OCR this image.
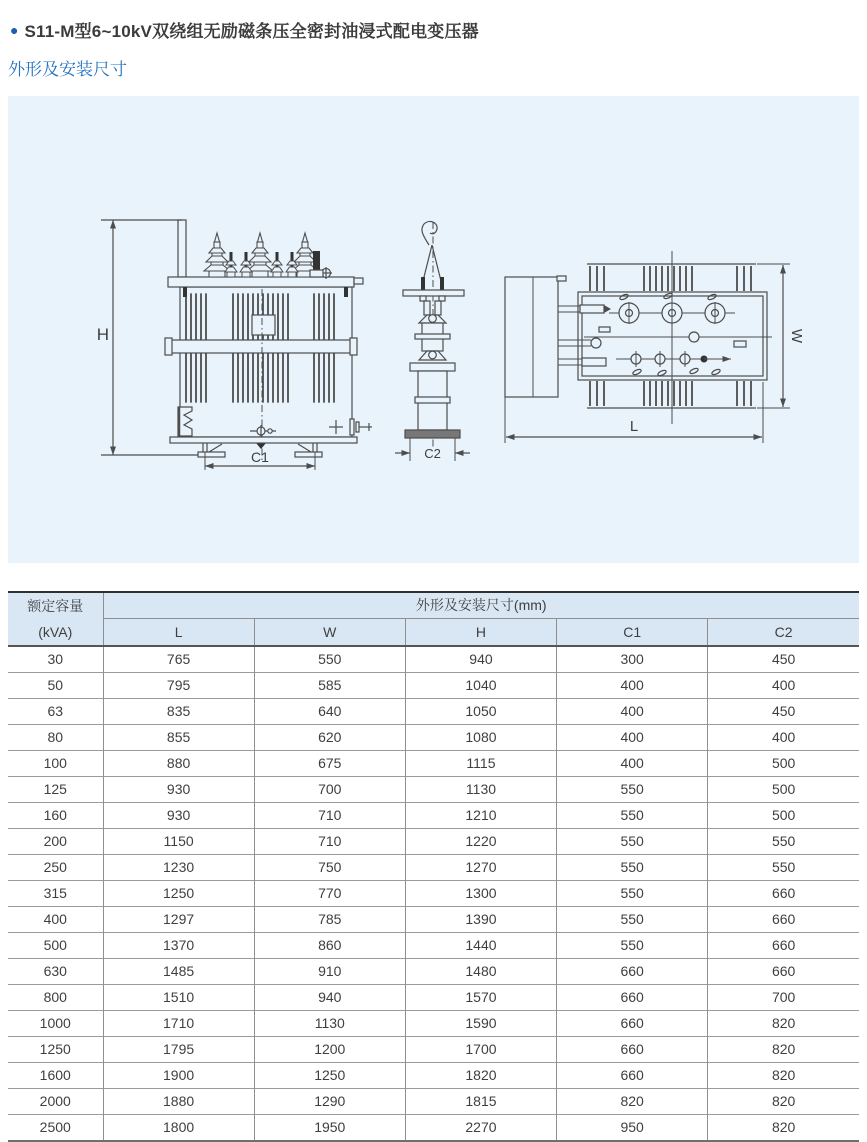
● S11-M型6~10kV双绕组无励磁条压全密封油浸式配电变压器
外形及安装尺寸
H
C1	C2
L
W
额定容量
(kVA)	外形及安装尺寸(mm)				
	L	W	H	C1	C2
30	765	550	940	300	450
50	795	585	1040	400	400
63	835	640	1050	400	450
80	855	620	1080	400	400
100	880	675	1115	400	500
125	930	700	1130	550	500
160	930	710	1210	550	500
200	1150	710	1220	550	550
250	1230	750	1270	550	550
315	1250	770	1300	550	660
400	1297	785	1390	550	660
500	1370	860	1440	550	660
630	1485	910	1480	660	660
800	1510	940	1570	660	700
1000	1710	1130	1590	660	820
1250	1795	1200	1700	660	820
1600	1900	1250	1820	660	820
2000	1880	1290	1815	820	820
2500	1800	1950	2270	950	820
